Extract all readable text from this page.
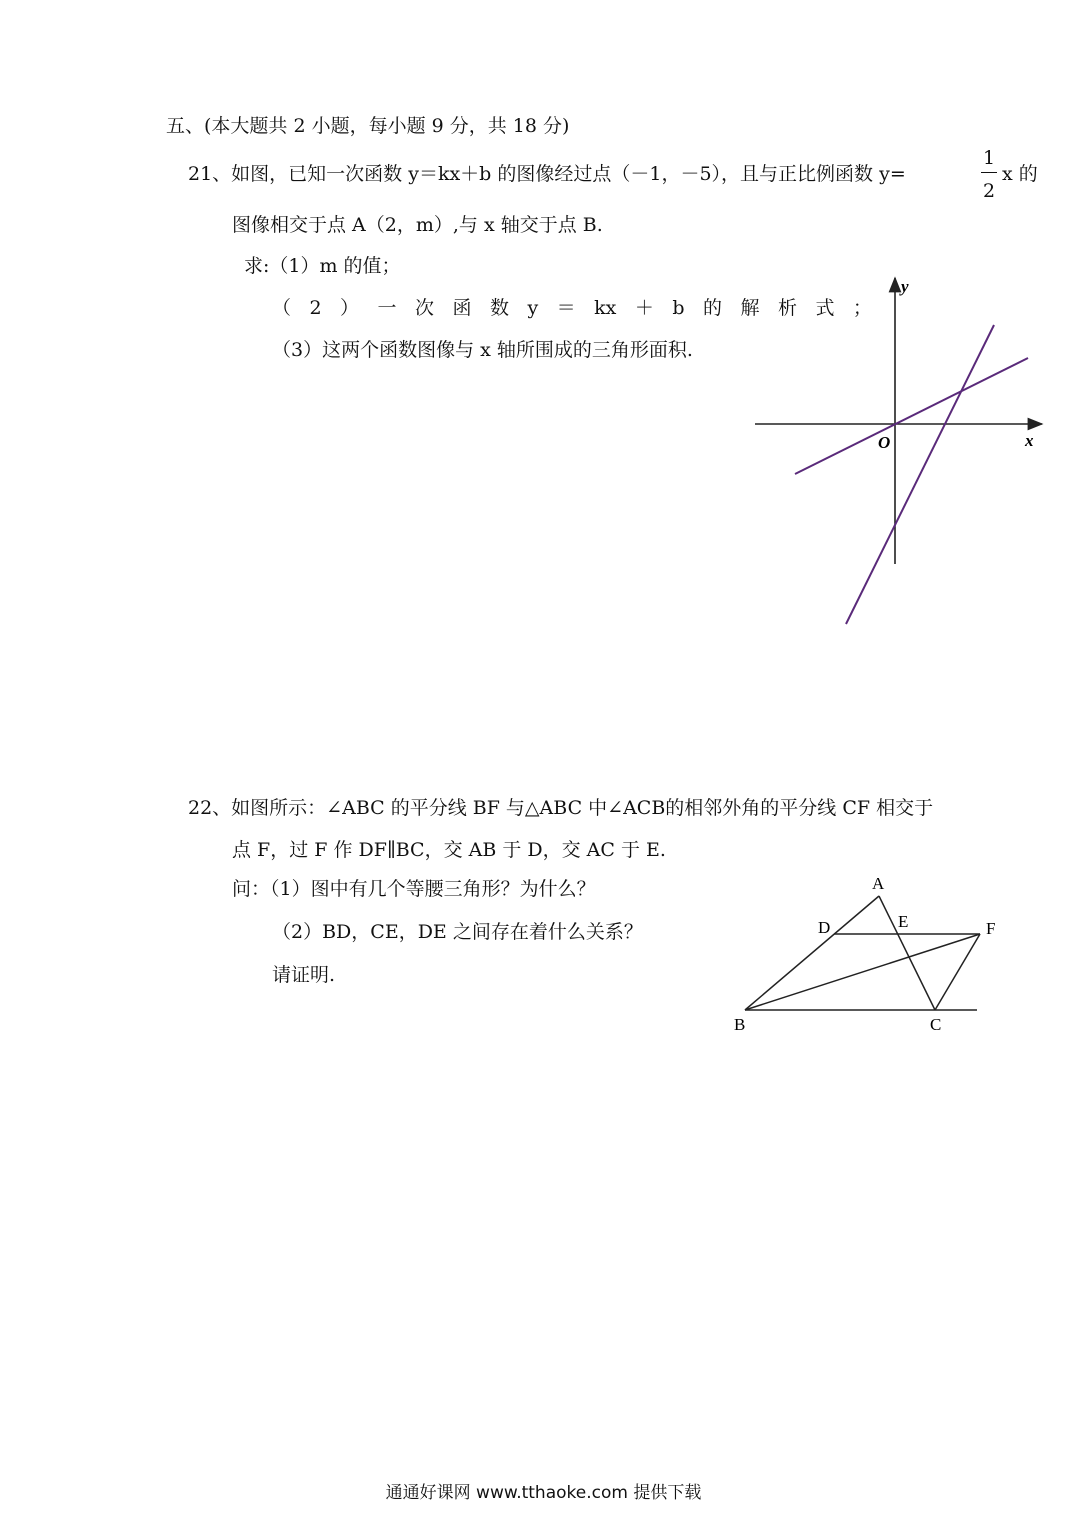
五、(本大题共 2 小题，每小题 9 分，共 18 分)
21、如图，已知一次函数 y＝kx＋b 的图像经过点（－1，－5），且与正比例函数 y=
1
2
x 的
图像相交于点 A（2，m）,与 x 轴交于点 B.
求:（1）m 的值；
（ 2 ） 一 次 函 数 y ＝ kx ＋ b 的 解 析 式 ；
（3）这两个函数图像与 x 轴所围成的三角形面积.
y
x
O
22、如图所示：∠ABC 的平分线 BF 与△ABC 中∠ACB的相邻外角的平分线 CF 相交于
点 F，过 F 作 DF∥BC，交 AB 于 D，交 AC 于 E.
问：（1）图中有几个等腰三角形？为什么？
（2）BD，CE，DE 之间存在着什么关系？
请证明.
A
D	E	F
B	C
通通好课网 www.tthaoke.com 提供下载
